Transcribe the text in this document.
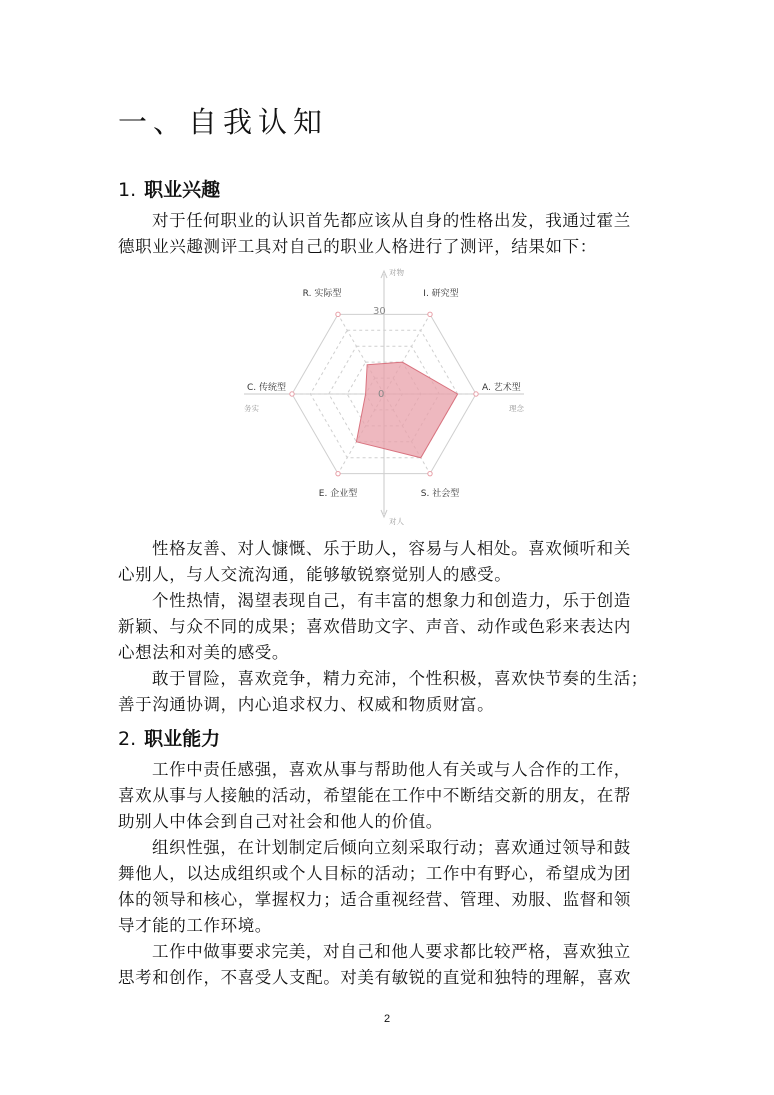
一、自我认知
1. 职业兴趣
对于任何职业的认识首先都应该从自身的性格出发，我通过霍兰
德职业兴趣测评工具对自己的职业人格进行了测评，结果如下：
0
30
R. 实际型	I. 研究型
A. 艺术型
S. 社会型
E. 企业型
C. 传统型
对物
对人
务实	理念
性格友善、对人慷慨、乐于助人，容易与人相处。喜欢倾听和关
心别人，与人交流沟通，能够敏锐察觉别人的感受。
个性热情，渴望表现自己，有丰富的想象力和创造力，乐于创造
新颖、与众不同的成果；喜欢借助文字、声音、动作或色彩来表达内
心想法和对美的感受。
敢于冒险，喜欢竞争，精力充沛，个性积极，喜欢快节奏的生活；
善于沟通协调，内心追求权力、权威和物质财富。
2. 职业能力
工作中责任感强，喜欢从事与帮助他人有关或与人合作的工作，
喜欢从事与人接触的活动，希望能在工作中不断结交新的朋友，在帮
助别人中体会到自己对社会和他人的价值。
组织性强，在计划制定后倾向立刻采取行动；喜欢通过领导和鼓
舞他人，以达成组织或个人目标的活动；工作中有野心，希望成为团
体的领导和核心，掌握权力；适合重视经营、管理、劝服、监督和领
导才能的工作环境。
工作中做事要求完美，对自己和他人要求都比较严格，喜欢独立
思考和创作，不喜受人支配。对美有敏锐的直觉和独特的理解，喜欢
2
